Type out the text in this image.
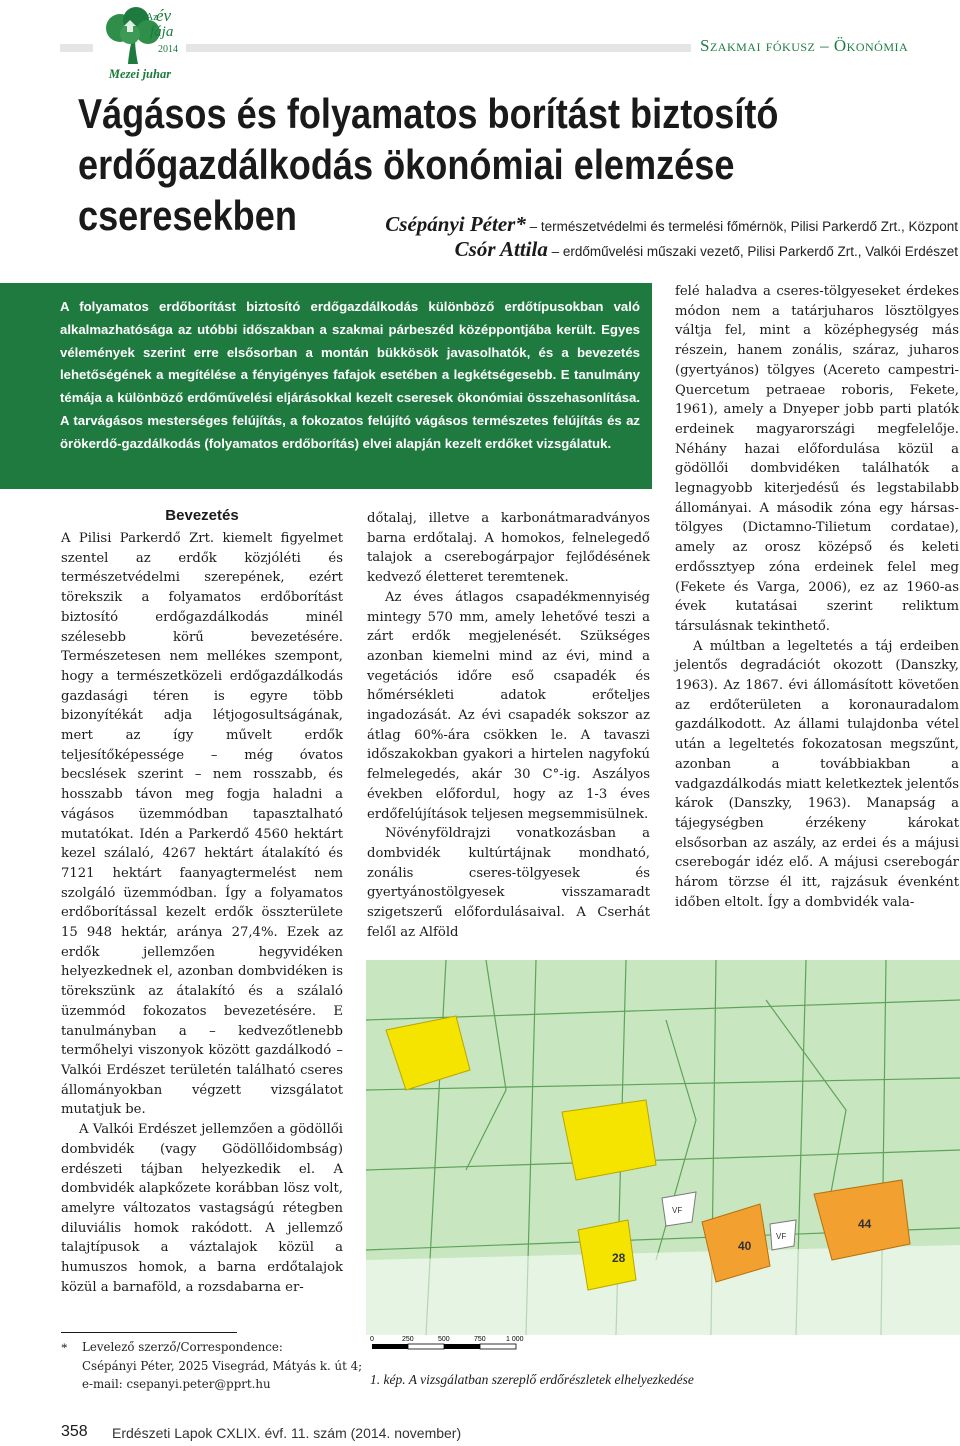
Az
év
fája
2014
Mezei juhar
Szakmai fókusz – Ökonómia
Vágásos és folyamatos borítást biztosító erdőgazdálkodás ökonómiai elemzése cseresekben	Csépányi Péter* – természetvédelmi és termelési főmérnök, Pilisi Parkerdő Zrt., Központ
Csór Attila – erdőművelési műszaki vezető, Pilisi Parkerdő Zrt., Valkói Erdészet

A folyamatos erdőborítást biztosító erdőgazdálkodás különböző erdőtípusokban való alkalmazhatósága az utóbbi időszakban a szakmai párbeszéd középpontjába került. Egyes vélemények szerint erre elsősorban a montán bükkösök javasolhatók, és a bevezetés lehetőségének a megítélése a fényigényes fafajok esetében a legkétségesebb. E tanulmány témája a különböző erdőművelési eljárásokkal kezelt cseresek ökonómiai összehasonlítása. A tarvágásos mesterséges felújítás, a fokozatos felújító vágásos természetes felújítás és az örökerdő-gazdálkodás (folyamatos erdőborítás) elvei alapján kezelt erdőket vizsgálatuk.

Bevezetés

A Pilisi Parkerdő Zrt. kiemelt figyelmet szentel az erdők közjóléti és természetvédelmi szerepének, ezért törekszik a folyamatos erdőborítást biztosító erdőgazdálkodás minél szélesebb körű bevezetésére. Természetesen nem mellékes szempont, hogy a természetközeli erdőgazdálkodás gazdasági téren is egyre több bizonyítékát adja létjogosultságának, mert az így művelt erdők teljesítőképessége – még óvatos becslések szerint – nem rosszabb, és hosszabb távon meg fogja haladni a vágásos üzemmódban tapasztalható mutatókat. Idén a Parkerdő 4560 hektárt kezel szálaló, 4267 hektárt átalakító és 7121 hektárt faanyagtermelést nem szolgáló üzemmódban. Így a folyamatos erdőborítással kezelt erdők összterülete 15 948 hektár, aránya 27,4%. Ezek az erdők jellemzően hegyvidéken helyezkednek el, azonban dombvidéken is törekszünk az átalakító és a szálaló üzemmód fokozatos bevezetésére. E tanulmányban a – kedvezőtlenebb termőhelyi viszonyok között gazdálkodó – Valkói Erdészet területén található cseres állományokban végzett vizsgálatot mutatjuk be.

A Valkói Erdészet jellemzően a gödöllői dombvidék (vagy Gödöllőidombság) erdészeti tájban helyezkedik el. A dombvidék alapkőzete korábban lösz volt, amelyre változatos vastagságú rétegben diluviális homok rakódott. A jellemző talajtípusok a váztalajok közül a humuszos homok, a barna erdőtalajok közül a barnaföld, a rozsdabarna er-

dőtalaj, illetve a karbonátmaradványos barna erdőtalaj. A homokos, felnelegedő talajok a cserebogárpajor fejlődésének kedvező életteret teremtenek.

Az éves átlagos csapadékmennyiség mintegy 570 mm, amely lehetővé teszi a zárt erdők megjelenését. Szükséges azonban kiemelni mind az évi, mind a vegetációs időre eső csapadék és hőmérsékleti adatok erőteljes ingadozását. Az évi csapadék sokszor az átlag 60%-ára csökken le. A tavaszi időszakokban gyakori a hirtelen nagyfokú felmelegedés, akár 30 C°-ig. Aszályos években előfordul, hogy az 1-3 éves erdőfelújítások teljesen megsemmisülnek.

Növényföldrajzi vonatkozásban a dombvidék kultúrtájnak mondható, zonális cseres-tölgyesek és gyertyánostölgyesek visszamaradt szigetszerű előfordulásaival. A Cserhát felől az Alföld

felé haladva a cseres-tölgyeseket érdekes módon nem a tatárjuharos lösztölgyes váltja fel, mint a középhegység más részein, hanem zonális, száraz, juharos (gyertyános) tölgyes (Acereto campestri-Quercetum petraeae roboris, Fekete, 1961), amely a Dnyeper jobb parti platók erdeinek magyarországi megfelelője. Néhány hazai előfordulása közül a gödöllői dombvidéken találhatók a legnagyobb kiterjedésű és legstabilabb állományai. A második zóna egy hársas-tölgyes (Dictamno-Tilietum cordatae), amely az orosz középső és keleti erdőssztyep zóna erdeinek felel meg (Fekete és Varga, 2006), ez az 1960-as évek kutatásai szerint reliktum társulásnak tekinthető.

A múltban a legeltetés a táj erdeiben jelentős degradációt okozott (Danszky, 1963). Az 1867. évi állomásított követően az erdőterületen a koronauradalom gazdálkodott. Az állami tulajdonba vétel után a legeltetés fokozatosan megszűnt, azonban a továbbiakban a vadgazdálkodás miatt keletkeztek jelentős károk (Danszky, 1963). Manapság a tájegységben érzékeny károkat elsősorban az aszály, az erdei és a májusi cserebogár idéz elő. A májusi cserebogár három törzse él itt, rajzásuk évenként időben eltolt. Így a dombvidék vala-

28
40
44
VF
VF
0	250	500	750	1 000
1. kép. A vizsgálatban szereplő erdőrészletek elhelyezkedése
* Levelező szerző/Correspondence:
Csépányi Péter, 2025 Visegrád, Mátyás k. út 4;
e-mail: csepanyi.peter@pprt.hu
358 Erdészeti Lapok CXLIX. évf. 11. szám (2014. november)
